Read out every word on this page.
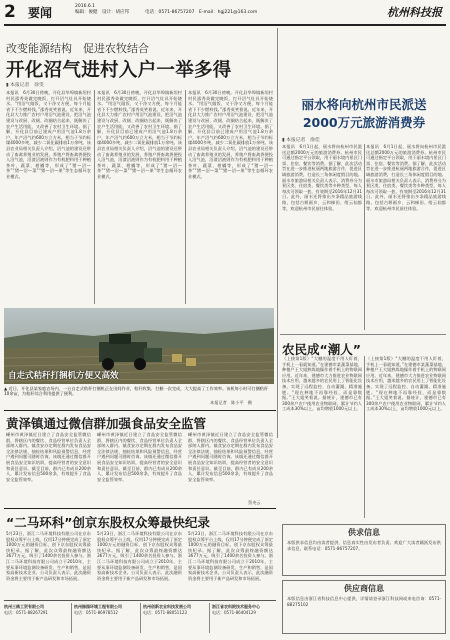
2 要闻	2016.6.1
编辑：俊健　设计：胡应邦	电话：0571-86757207　E-mail：hgj221@163.com	杭州科技报
改变能源结构　促进农牧结合
开化沼气进村入户一举多得
▮ 本报记者　徐雯
本报讯　6月30日傍晚，开化县华埠镇新坦村村民邵秀英做完晚饭，打开沼气灶具开始烧水。“用沼气做饭，又干净又方便，每个月能省下不少燃料钱。”邵秀英笑着说。近年来，开化县大力推广农村户用沼气池建设，把沼气池建设与改厨、改厕、改圈结合起来，既解决了农户生活用能，又改善了农村卫生环境。据了解，开化县目前已建成户用沼气池1.8万余户，年产沼气约600万立方米，相当于节约标煤4000多吨，减少二氧化碳排放1万余吨。该县农业局相关负责人介绍，沼气池的建设还带动了畜禽养殖业的发展，养殖户将畜禽粪便投入沼气池，沼渣沼液则作为有机肥料用于种植茶叶、蔬菜、柑橘等，形成了“猪—沼—茶”“猪—沼—菜”“猪—沼—果”等生态循环农业模式。
本报讯　6月30日傍晚，开化县华埠镇新坦村村民邵秀英做完晚饭，打开沼气灶具开始烧水。“用沼气做饭，又干净又方便，每个月能省下不少燃料钱。”邵秀英笑着说。近年来，开化县大力推广农村户用沼气池建设，把沼气池建设与改厨、改厕、改圈结合起来，既解决了农户生活用能，又改善了农村卫生环境。据了解，开化县目前已建成户用沼气池1.8万余户，年产沼气约600万立方米，相当于节约标煤4000多吨，减少二氧化碳排放1万余吨。该县农业局相关负责人介绍，沼气池的建设还带动了畜禽养殖业的发展，养殖户将畜禽粪便投入沼气池，沼渣沼液则作为有机肥料用于种植茶叶、蔬菜、柑橘等，形成了“猪—沼—茶”“猪—沼—菜”“猪—沼—果”等生态循环农业模式。
本报讯　6月30日傍晚，开化县华埠镇新坦村村民邵秀英做完晚饭，打开沼气灶具开始烧水。“用沼气做饭，又干净又方便，每个月能省下不少燃料钱。”邵秀英笑着说。近年来，开化县大力推广农村户用沼气池建设，把沼气池建设与改厨、改厕、改圈结合起来，既解决了农户生活用能，又改善了农村卫生环境。据了解，开化县目前已建成户用沼气池1.8万余户，年产沼气约600万立方米，相当于节约标煤4000多吨，减少二氧化碳排放1万余吨。该县农业局相关负责人介绍，沼气池的建设还带动了畜禽养殖业的发展，养殖户将畜禽粪便投入沼气池，沼渣沼液则作为有机肥料用于种植茶叶、蔬菜、柑橘等，形成了“猪—沼—茶”“猪—沼—菜”“猪—沼—果”等生态循环农业模式。
自走式秸秆打捆机方便又高效
▲ 近日，开化县某家庭农场内，一台自走式秸秆打捆机正在田间作业，秸秆收集、打捆一次完成，大大提高了工作效率。该机每小时可打捆秸秆10余亩，为秸秆综合利用提供了便利。
本报记者　陈小平　摄
丽水将向杭州市民派送
2000万元旅游消费券
▮ 本报记者　俞佳
本报讯　6月1日起，丽水将向杭州市民派送总额2000万元的旅游消费券。杭州市民可通过指定平台领取，用于丽水境内景区门票、住宿、餐饮等消费。据了解，此次活动旨在进一步推进杭丽两地旅游合作，促进区域旅游消费，打造长三角休闲度假目的地。丽水市旅游局相关负责人表示，消费券分为景区类、住宿类、餐饮类等多种类型，每人每次可领取一套，有效期至2016年12月31日。此外，丽水还将推出多条精品旅游线路，包括古堰画乡、云和梯田、缙云仙都等，欢迎杭州市民前往体验。
本报讯　6月1日起，丽水将向杭州市民派送总额2000万元的旅游消费券。杭州市民可通过指定平台领取，用于丽水境内景区门票、住宿、餐饮等消费。据了解，此次活动旨在进一步推进杭丽两地旅游合作，促进区域旅游消费，打造长三角休闲度假目的地。丽水市旅游局相关负责人表示，消费券分为景区类、住宿类、餐饮类等多种类型，每人每次可领取一套，有效期至2016年12月31日。此外，丽水还将推出多条精品旅游线路，包括古堰画乡、云和梯田、缙云仙都等，欢迎杭州市民前往体验。
农民成“潮人”
（上接第1版）“大棚的温度不用人盯着，手机上一看就知道。”在建德市某蔬菜基地，种植户王大姐熟练地操作着手机上的物联网应用。近年来，建德市大力推进农业物联网技术应用，越来越多的农民用上了智能化设备，实现了远程监控、自动灌溉、精准施肥。“现在种地不再靠经验，而是靠数据。”王大姐笑着说。据统计，建德市已有300余户农户使用农业物联网，累计节约人工成本30%以上，亩均增收1000元以上。
（上接第1版）“大棚的温度不用人盯着，手机上一看就知道。”在建德市某蔬菜基地，种植户王大姐熟练地操作着手机上的物联网应用。近年来，建德市大力推进农业物联网技术应用，越来越多的农民用上了智能化设备，实现了远程监控、自动灌溉、精准施肥。“现在种地不再靠经验，而是靠数据。”王大姐笑着说。据统计，建德市已有300余户农户使用农业物联网，累计节约人工成本30%以上，亩均增收1000元以上。
黄泽镇通过微信群加强食品安全监管
嵊州市黄泽镇近日建立了食品安全监管微信群，将辖区内的餐饮、食品经营单位负责人全部纳入群内。镇食安办定期在群内发布食品安全法律法规、抽检结果和风险预警信息，经营户遇到问题可随时咨询。该镇还通过微信群开展食品安全知识培训，提高经营者的安全意识和责任意识。截至目前，群内已有成员200余人，累计发布信息500余条，有效提升了食品安全监管效率。
嵊州市黄泽镇近日建立了食品安全监管微信群，将辖区内的餐饮、食品经营单位负责人全部纳入群内。镇食安办定期在群内发布食品安全法律法规、抽检结果和风险预警信息，经营户遇到问题可随时咨询。该镇还通过微信群开展食品安全知识培训，提高经营者的安全意识和责任意识。截至目前，群内已有成员200余人，累计发布信息500余条，有效提升了食品安全监管效率。
嵊州市黄泽镇近日建立了食品安全监管微信群，将辖区内的餐饮、食品经营单位负责人全部纳入群内。镇食安办定期在群内发布食品安全法律法规、抽检结果和风险预警信息，经营户遇到问题可随时咨询。该镇还通过微信群开展食品安全知识培训，提高经营者的安全意识和责任意识。截至目前，群内已有成员200余人，累计发布信息500余条，有效提升了食品安全监管效率。
蔡央云
“二马环科”创京东股权众筹最快纪录
5月23日，浙江二马环境科技有限公司在京东股权众筹平台上线，仅用17分钟便完成了原定1000万元的融资目标，创下京东股权众筹最快纪录。据了解，此次众筹最终融资额达3677万元，吸引了1400余名投资人参与。浙江二马环境科技有限公司成立于2010年，主要从事环境监测设备研发、生产和销售，是国家高新技术企业。公司负责人表示，此次融资资金将主要用于新产品研发和市场拓展。
5月23日，浙江二马环境科技有限公司在京东股权众筹平台上线，仅用17分钟便完成了原定1000万元的融资目标，创下京东股权众筹最快纪录。据了解，此次众筹最终融资额达3677万元，吸引了1400余名投资人参与。浙江二马环境科技有限公司成立于2010年，主要从事环境监测设备研发、生产和销售，是国家高新技术企业。公司负责人表示，此次融资资金将主要用于新产品研发和市场拓展。
5月23日，浙江二马环境科技有限公司在京东股权众筹平台上线，仅用17分钟便完成了原定1000万元的融资目标，创下京东股权众筹最快纪录。据了解，此次众筹最终融资额达3677万元，吸引了1400余名投资人参与。浙江二马环境科技有限公司成立于2010年，主要从事环境监测设备研发、生产和销售，是国家高新技术企业。公司负责人表示，此次融资资金将主要用于新产品研发和市场拓展。
供求信息
本版供求信息均由读者提供，信息真实性由发布者负责。欢迎广大读者踊跃发布供求信息，联系电话：0571-86757207。
供应商信息
本版信息由浙江省科技信息中心提供，详情请登录浙江科技网或来电咨询：0571-88275102
杭州三鸽工贸有限公司
电话：0571-88267291
杭州绿园环境工程有限公司
电话：0571-86978512
杭州创新农业科技发展公司
电话：0571-88051123
浙江省农科院技术服务中心
电话：0571-86404129
